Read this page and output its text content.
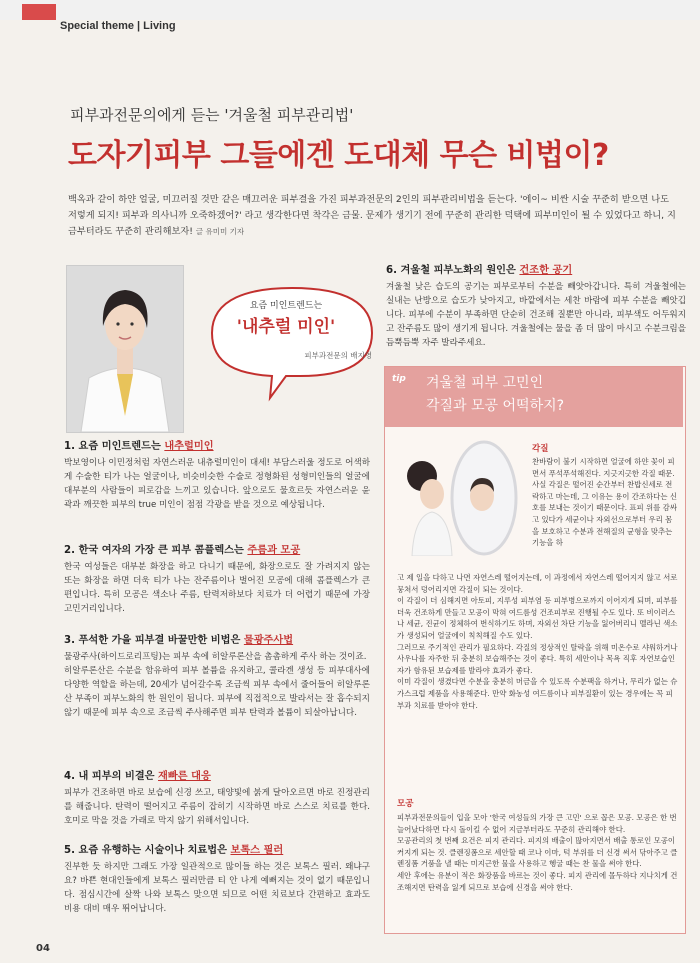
Special theme | Living
피부과전문의에게 듣는 '겨울철 피부관리법'
도자기피부 그들에겐 도대체 무슨 비법이?
백옥과 같이 하얀 얼굴, 미끄러질 것만 같은 매끄러운 피부결을 가진 피부과전문의 2인의 피부관리비법을 듣는다. '에이~ 비싼 시술 꾸준히 받으면 나도 저렇게 되지! 피부과 의사니까 오죽하겠어?' 라고 생각한다면 착각은 금물. 문제가 생기기 전에 꾸준히 관리한 덕택에 피부미인이 될 수 있었다고 하니, 지금부터라도 꾸준히 관리해보자! 글 유미미 기자
요즘 미인트렌드는
'내추럴 미인'
피부과전문의 배지영
1. 요즘 미인트렌드는 내추럴미인

박보영이나 이민정처럼 자연스러운 내츄럴미인이 대세! 부담스러울 정도로 어색하게 수술한 티가 나는 얼굴이나, 비슷비슷한 수술로 정형화된 성형미인들의 얼굴에 대부분의 사람들이 피로감을 느끼고 있습니다. 앞으로도 물흐르듯 자연스러운 윤곽과 깨끗한 피부의 true 미인이 점점 각광을 받을 것으로 예상됩니다.

2. 한국 여자의 가장 큰 피부 콤플렉스는 주름과 모공

한국 여성들은 대부분 화장을 하고 다니기 때문에, 화장으로도 잘 가려지지 않는 또는 화장을 하면 더욱 티가 나는 잔주름이나 벌어진 모공에 대해 콤플렉스가 큰 편입니다. 특히 모공은 색소나 주름, 탄력저하보다 치료가 더 어렵기 때문에 가장 고민거리입니다.

3. 푸석한 가을 피부결 바꿀만한 비법은 물광주사법

물광주사(하이드로리프팅)는 피부 속에 히알루론산을 촘촘하게 주사 하는 것이죠.
히알루론산은 수분을 함유하여 피부 볼륨을 유지하고, 콜라겐 생성 등 피부대사에 다양한 역할을 하는데, 20세가 넘어갈수록 조금씩 피부 속에서 줄어들어 히알루론산 부족이 피부노화의 한 원인이 됩니다. 피부에 직접적으로 발라서는 잘 흡수되지 않기 때문에 피부 속으로 조금씩 주사해주면 피부 탄력과 볼륨이 되살아납니다.

4. 내 피부의 비결은 재빠른 대응

피부가 건조하면 바로 보습에 신경 쓰고, 태양빛에 붉게 달아오르면 바로 진정관리를 해줍니다. 탄력이 떨어지고 주름이 잡히기 시작하면 바로 스스로 치료를 한다. 호미로 막을 것을 가래로 막지 않기 위해서입니다.

5. 요즘 유행하는 시술이나 치료법은 보톡스 필러

진부한 듯 하지만 그래도 가장 일관적으로 많이들 하는 것은 보톡스 필러. 왜냐구요? 바쁜 현대인들에게 보톡스 필러만큼 티 안 나게 예뻐지는 것이 없기 때문입니다. 점심시간에 살짝 나와 보톡스 맞으면 되므로 어떤 치료보다 간편하고 효과도 비용 대비 매우 뛰어납니다.

6. 겨울철 피부노화의 원인은 건조한 공기

겨울철 낮은 습도의 공기는 피부로부터 수분을 빼앗아갑니다. 특히 겨울철에는 실내는 난방으로 습도가 낮아지고, 바깥에서는 세찬 바람에 피부 수분을 빼앗깁니다. 피부에 수분이 부족하면 단순히 건조해 질뿐만 아니라, 피부색도 어두워지고 잔주름도 많이 생기게 됩니다. 겨울철에는 물을 좀 더 많이 마시고 수분크림을 듬뿍듬뿍 자주 발라주세요.

tip 겨울철 피부 고민인
각질과 모공 어떡하지?
각질
찬바람이 불기 시작하면 얼굴에 하얀 꽃이 피면서 푸석푸석해진다. 지긋지긋한 각질 때문.
사실 각질은 떨어진 순간부터 찬밥신세로 전락하고 마는데, 그 이유는 용이 간조하다는 신호를 보내는 것이기 때문이다. 표피 위를 감싸고 있다가 세균이나 자외선으로부터 우리 몸을 보호하고 수분과 전해질의 균형을 맞추는 기능을 하
고 제 일을 다하고 나면 자연스레 떨어지는데, 이 과정에서 자연스레 떨어지지 않고 서로 뭉쳐서 덩어리지면 각질이 되는 것이다.
이 각질이 더 심해지면 아토피, 지루성 피부염 등 피부병으로까지 이어지게 되며, 피부를 더욱 건조하게 만들고 모공이 막혀 여드름성 건조피부로 진행될 수도 있다. 또 비이러스나 세균, 진균이 정체하여 번식하기도 하며, 자외선 차단 기능을 잃어버리니 멜라닌 색소가 생성되어 얼굴에이 칙칙해질 수도 있다.
그러므로 주기적인 관리가 필요하다. 각질의 정상적인 탈락을 위해 미온수로 샤워하거나 사우나를 자주한 뒤 충분히 보습해주는 것이 좋다. 특히 세안이나 목욕 직후 자연보습인자가 함유된 보습제를 발라야 효과가 좋다.
이미 각질이 생겼다면 수분을 충분히 머금을 수 있도록 수분팩을 하거나, 무리가 없는 슈가스크럽 제품을 사용해준다. 만약 화농성 여드름이나 피부질환이 있는 경우에는 꼭 피부과 치료를 받아야 한다.
모공
피부과전문의들이 입을 모아 '한국 여성들의 가장 큰 고민' 으로 꼽은 모공. 모공은 한 번 늘어났다하면 다시 돌이킬 수 없어 지금부터라도 꾸준히 관리해야 한다.
모공관리의 첫 번째 요건은 피지 관리다. 피지의 배출이 많아지면서 배출 통로인 모공이 커지게 되는 것. 클렌징폼으로 세안할 때 코나 이마, 턱 부위를 더 신경 써서 닦아주고 클렌징폼 거품을 낼 때는 미지근한 물을 사용하고 헹굴 때는 찬 물을 써야 한다.
세안 후에는 유분이 적은 화장품을 바르는 것이 좋다. 피지 관리에 몰두하다 지나치게 건조해지면 탄력을 잃게 되므로 보습에 신경을 써야 한다.
04
